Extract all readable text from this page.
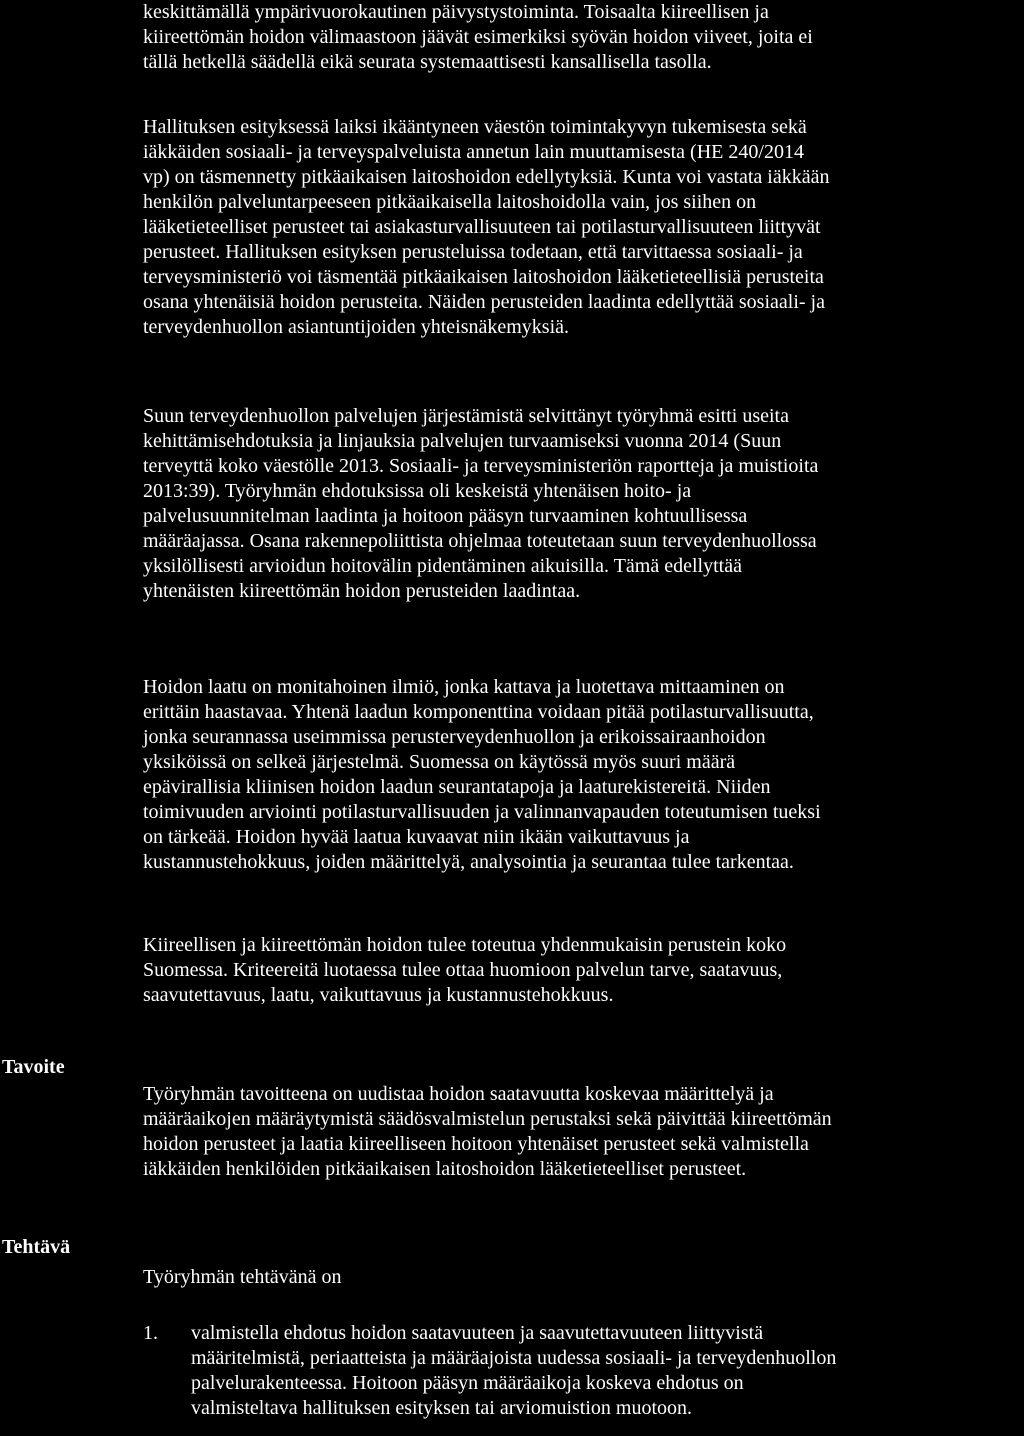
keskittämällä ympärivuorokautinen päivystystoiminta. Toisaalta kiireellisen ja
kiireettömän hoidon välimaastoon jäävät esimerkiksi syövän hoidon viiveet, joita ei
tällä hetkellä säädellä eikä seurata systemaattisesti kansallisella tasolla.
Hallituksen esityksessä laiksi ikääntyneen väestön toimintakyvyn tukemisesta sekä
iäkkäiden sosiaali- ja terveyspalveluista annetun lain muuttamisesta (HE 240/2014
vp) on täsmennetty pitkäaikaisen laitoshoidon edellytyksiä. Kunta voi vastata iäkkään
henkilön palveluntarpeeseen pitkäaikaisella laitoshoidolla vain, jos siihen on
lääketieteelliset perusteet tai asiakasturvallisuuteen tai potilasturvallisuuteen liittyvät
perusteet. Hallituksen esityksen perusteluissa todetaan, että tarvittaessa sosiaali- ja
terveysministeriö voi täsmentää pitkäaikaisen laitoshoidon lääketieteellisiä perusteita
osana yhtenäisiä hoidon perusteita. Näiden perusteiden laadinta edellyttää sosiaali- ja
terveydenhuollon asiantuntijoiden yhteisnäkemyksiä.
Suun terveydenhuollon palvelujen järjestämistä selvittänyt työryhmä esitti useita
kehittämisehdotuksia ja linjauksia palvelujen turvaamiseksi vuonna 2014 (Suun
terveyttä koko väestölle 2013. Sosiaali- ja terveysministeriön raportteja ja muistioita
2013:39). Työryhmän ehdotuksissa oli keskeistä yhtenäisen hoito- ja
palvelusuunnitelman laadinta ja hoitoon pääsyn turvaaminen kohtuullisessa
määräajassa. Osana rakennepoliittista ohjelmaa toteutetaan suun terveydenhuollossa
yksilöllisesti arvioidun hoitovälin pidentäminen aikuisilla. Tämä edellyttää
yhtenäisten kiireettömän hoidon perusteiden laadintaa.
Hoidon laatu on monitahoinen ilmiö, jonka kattava ja luotettava mittaaminen on
erittäin haastavaa. Yhtenä laadun komponenttina voidaan pitää potilasturvallisuutta,
jonka seurannassa useimmissa perusterveydenhuollon ja erikoissairaanhoidon
yksiköissä on selkeä järjestelmä. Suomessa on käytössä myös suuri määrä
epävirallisia kliinisen hoidon laadun seurantatapoja ja laaturekistereitä. Niiden
toimivuuden arviointi potilasturvallisuuden ja valinnanvapauden toteutumisen tueksi
on tärkeää. Hoidon hyvää laatua kuvaavat niin ikään vaikuttavuus ja
kustannustehokkuus, joiden määrittelyä, analysointia ja seurantaa tulee tarkentaa.
Kiireellisen ja kiireettömän hoidon tulee toteutua yhdenmukaisin perustein koko
Suomessa. Kriteereitä luotaessa tulee ottaa huomioon palvelun tarve, saatavuus,
saavutettavuus, laatu, vaikuttavuus ja kustannustehokkuus.
Tavoite
Työryhmän tavoitteena on uudistaa hoidon saatavuutta koskevaa määrittelyä ja
määräaikojen määräytymistä säädösvalmistelun perustaksi sekä päivittää kiireettömän
hoidon perusteet ja laatia kiireelliseen hoitoon yhtenäiset perusteet sekä valmistella
iäkkäiden henkilöiden pitkäaikaisen laitoshoidon lääketieteelliset perusteet.
Tehtävä
Työryhmän tehtävänä on
1. valmistella ehdotus hoidon saatavuuteen ja saavutettavuuteen liittyvistä
määritelmistä, periaatteista ja määräajoista uudessa sosiaali- ja terveydenhuollon
palvelurakenteessa. Hoitoon pääsyn määräaikoja koskeva ehdotus on
valmisteltava hallituksen esityksen tai arviomuistion muotoon.
